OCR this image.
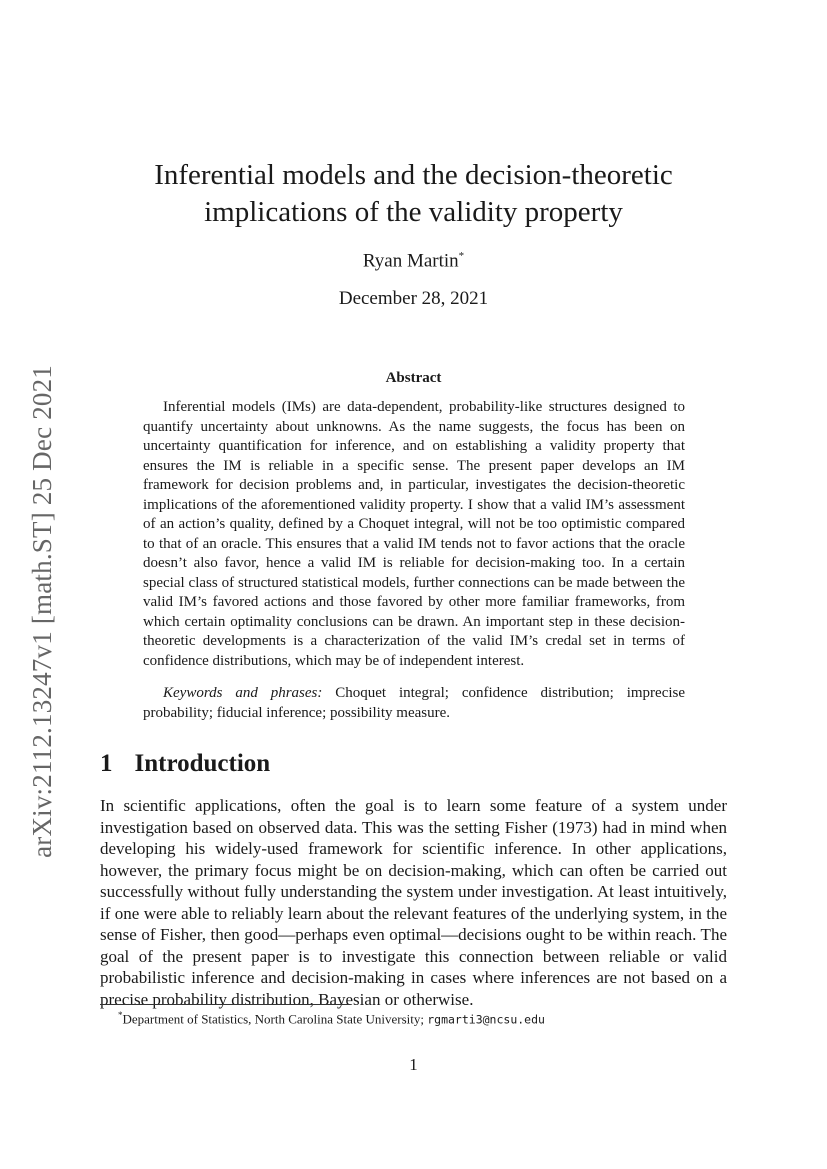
arXiv:2112.13247v1 [math.ST] 25 Dec 2021
Inferential models and the decision-theoretic
implications of the validity property
Ryan Martin*
December 28, 2021
Abstract

Inferential models (IMs) are data-dependent, probability-like structures designed to quantify uncertainty about unknowns. As the name suggests, the focus has been on uncertainty quantification for inference, and on establishing a validity property that ensures the IM is reliable in a specific sense. The present paper develops an IM framework for decision problems and, in particular, investigates the decision-theoretic implications of the aforementioned validity property. I show that a valid IM’s assessment of an action’s quality, defined by a Choquet integral, will not be too optimistic compared to that of an oracle. This ensures that a valid IM tends not to favor actions that the oracle doesn’t also favor, hence a valid IM is reliable for decision-making too. In a certain special class of structured statistical models, further connections can be made between the valid IM’s favored actions and those favored by other more familiar frameworks, from which certain optimality conclusions can be drawn. An important step in these decision-theoretic developments is a characterization of the valid IM’s credal set in terms of confidence distributions, which may be of independent interest.

Keywords and phrases: Choquet integral; confidence distribution; imprecise probability; fiducial inference; possibility measure.

1 Introduction

In scientific applications, often the goal is to learn some feature of a system under investigation based on observed data. This was the setting Fisher (1973) had in mind when developing his widely-used framework for scientific inference. In other applications, however, the primary focus might be on decision-making, which can often be carried out successfully without fully understanding the system under investigation. At least intuitively, if one were able to reliably learn about the relevant features of the underlying system, in the sense of Fisher, then good—perhaps even optimal—decisions ought to be within reach. The goal of the present paper is to investigate this connection between reliable or valid probabilistic inference and decision-making in cases where inferences are not based on a precise probability distribution, Bayesian or otherwise.

*Department of Statistics, North Carolina State University; rgmarti3@ncsu.edu
1
